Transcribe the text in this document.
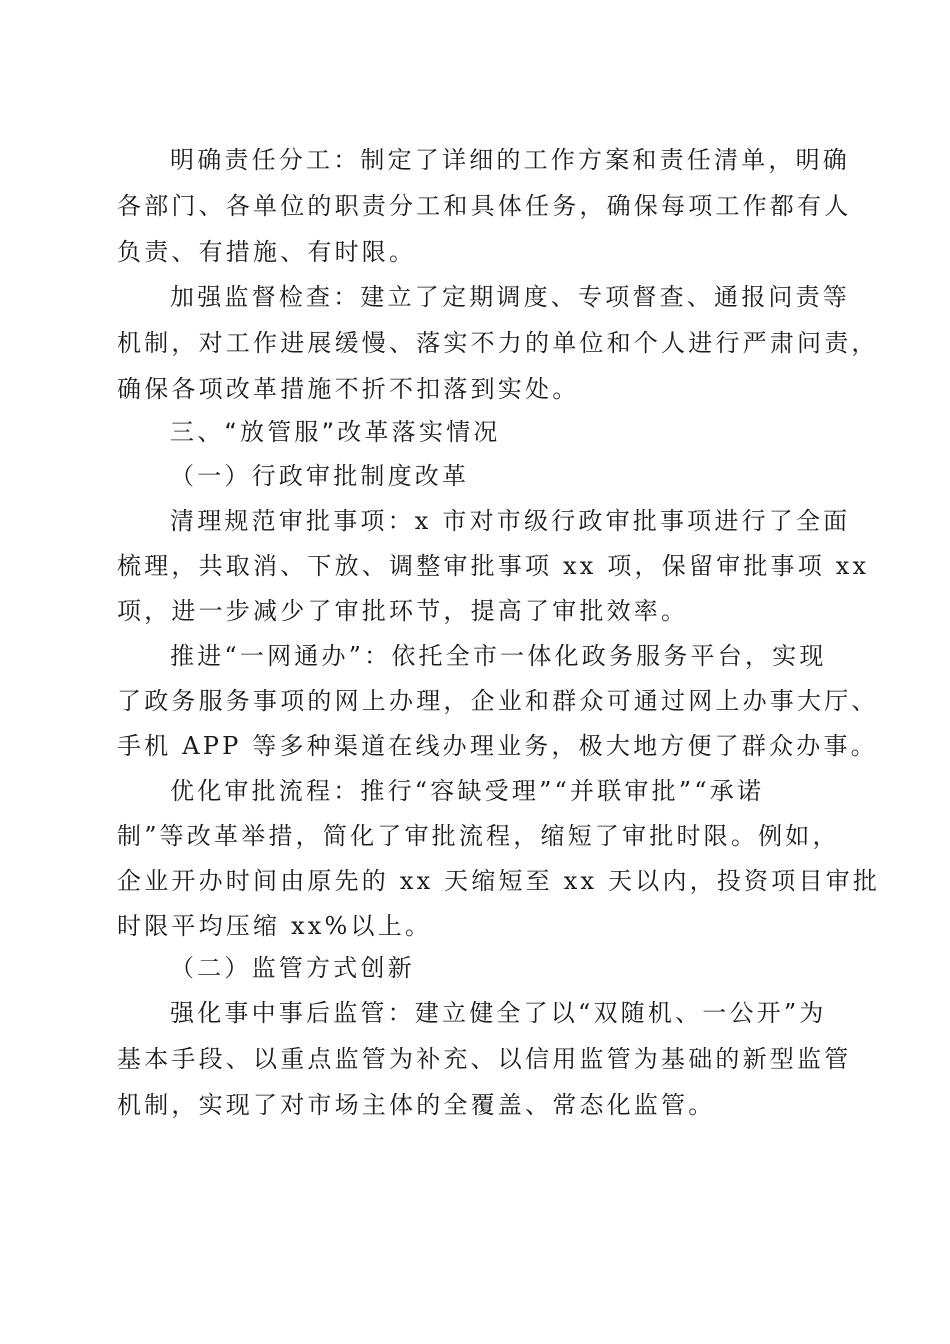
明确责任分工：制定了详细的工作方案和责任清单，明确
各部门、各单位的职责分工和具体任务，确保每项工作都有人
负责、有措施、有时限。
加强监督检查：建立了定期调度、专项督查、通报问责等
机制，对工作进展缓慢、落实不力的单位和个人进行严肃问责，
确保各项改革措施不折不扣落到实处。
三、“放管服”改革落实情况
（一）行政审批制度改革
清理规范审批事项：x 市对市级行政审批事项进行了全面
梳理，共取消、下放、调整审批事项 xx 项，保留审批事项 xx
项，进一步减少了审批环节，提高了审批效率。
推进“一网通办”：依托全市一体化政务服务平台，实现
了政务服务事项的网上办理，企业和群众可通过网上办事大厅、
手机 APP 等多种渠道在线办理业务，极大地方便了群众办事。
优化审批流程：推行“容缺受理”“并联审批”“承诺
制”等改革举措，简化了审批流程，缩短了审批时限。例如，
企业开办时间由原先的 xx 天缩短至 xx 天以内，投资项目审批
时限平均压缩 xx%以上。
（二）监管方式创新
强化事中事后监管：建立健全了以“双随机、一公开”为
基本手段、以重点监管为补充、以信用监管为基础的新型监管
机制，实现了对市场主体的全覆盖、常态化监管。
